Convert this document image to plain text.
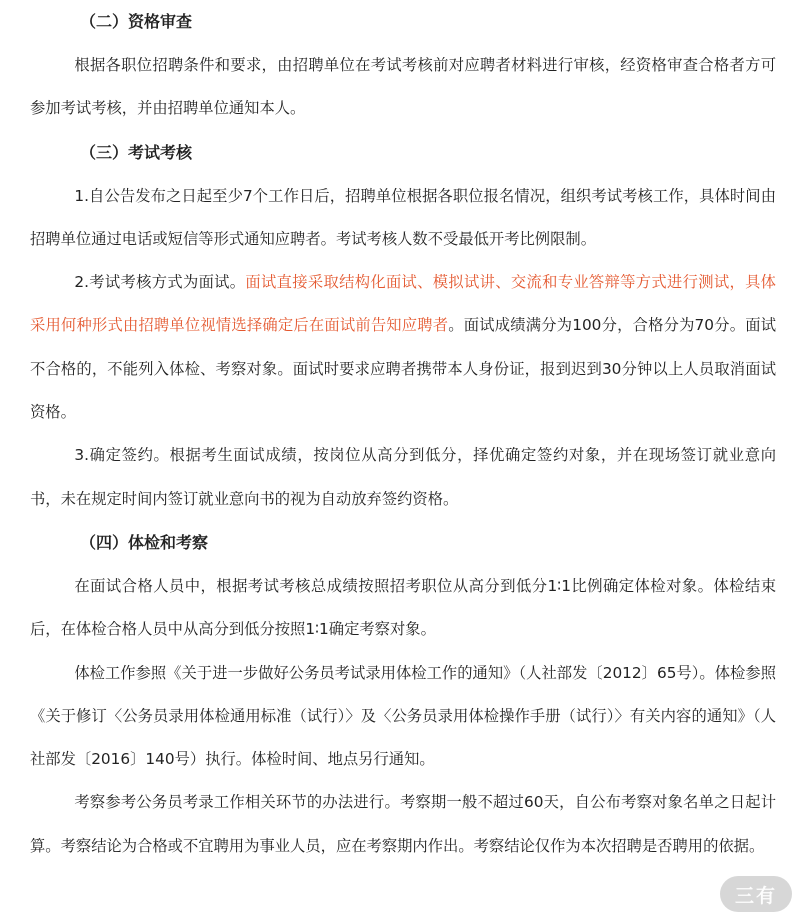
（二）资格审查

根据各职位招聘条件和要求，由招聘单位在考试考核前对应聘者材料进行审核，经资格审查合格者方可参加考试考核，并由招聘单位通知本人。

（三）考试考核

1.自公告发布之日起至少7个工作日后，招聘单位根据各职位报名情况，组织考试考核工作，具体时间由招聘单位通过电话或短信等形式通知应聘者。考试考核人数不受最低开考比例限制。

2.考试考核方式为面试。面试直接采取结构化面试、模拟试讲、交流和专业答辩等方式进行测试，具体采用何种形式由招聘单位视情选择确定后在面试前告知应聘者。面试成绩满分为100分，合格分为70分。面试不合格的，不能列入体检、考察对象。面试时要求应聘者携带本人身份证，报到迟到30分钟以上人员取消面试资格。

3.确定签约。根据考生面试成绩，按岗位从高分到低分，择优确定签约对象，并在现场签订就业意向书，未在规定时间内签订就业意向书的视为自动放弃签约资格。

（四）体检和考察

在面试合格人员中，根据考试考核总成绩按照招考职位从高分到低分1∶1比例确定体检对象。体检结束后，在体检合格人员中从高分到低分按照1∶1确定考察对象。

体检工作参照《关于进一步做好公务员考试录用体检工作的通知》（人社部发〔2012〕65号）。体检参照《关于修订〈公务员录用体检通用标准（试行）〉及〈公务员录用体检操作手册（试行）〉有关内容的通知》（人社部发〔2016〕140号）执行。体检时间、地点另行通知。

考察参考公务员考录工作相关环节的办法进行。考察期一般不超过60天，自公布考察对象名单之日起计算。考察结论为合格或不宜聘用为事业人员，应在考察期内作出。考察结论仅作为本次招聘是否聘用的依据。

三有
